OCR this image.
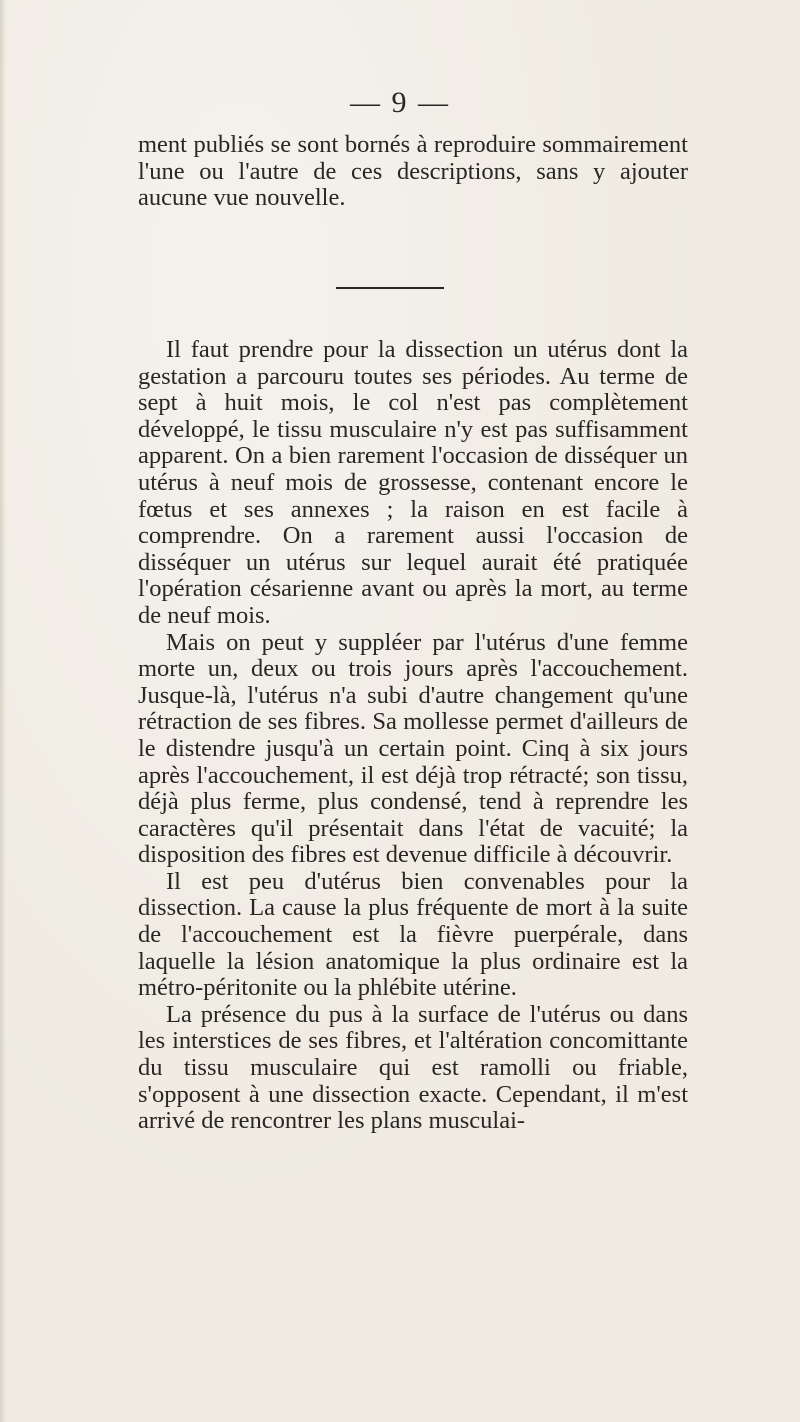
— 9 —

ment publiés se sont bornés à reproduire sommairement l'une ou l'autre de ces descriptions, sans y ajouter aucune vue nouvelle.

Il faut prendre pour la dissection un utérus dont la gestation a parcouru toutes ses périodes. Au terme de sept à huit mois, le col n'est pas complètement développé, le tissu musculaire n'y est pas suffisamment apparent. On a bien rarement l'occasion de disséquer un utérus à neuf mois de grossesse, contenant encore le fœtus et ses annexes ; la raison en est facile à comprendre. On a rarement aussi l'occasion de disséquer un utérus sur lequel aurait été pratiquée l'opération césarienne avant ou après la mort, au terme de neuf mois.

Mais on peut y suppléer par l'utérus d'une femme morte un, deux ou trois jours après l'accouchement. Jusque-là, l'utérus n'a subi d'autre changement qu'une rétraction de ses fibres. Sa mollesse permet d'ailleurs de le distendre jusqu'à un certain point. Cinq à six jours après l'accouchement, il est déjà trop rétracté; son tissu, déjà plus ferme, plus condensé, tend à reprendre les caractères qu'il présentait dans l'état de vacuité; la disposition des fibres est devenue difficile à découvrir.

Il est peu d'utérus bien convenables pour la dissection. La cause la plus fréquente de mort à la suite de l'accouchement est la fièvre puerpérale, dans laquelle la lésion anatomique la plus ordinaire est la métro-péritonite ou la phlébite utérine.

La présence du pus à la surface de l'utérus ou dans les interstices de ses fibres, et l'altération concomittante du tissu musculaire qui est ramolli ou friable, s'opposent à une dissection exacte. Cependant, il m'est arrivé de rencontrer les plans musculai-
